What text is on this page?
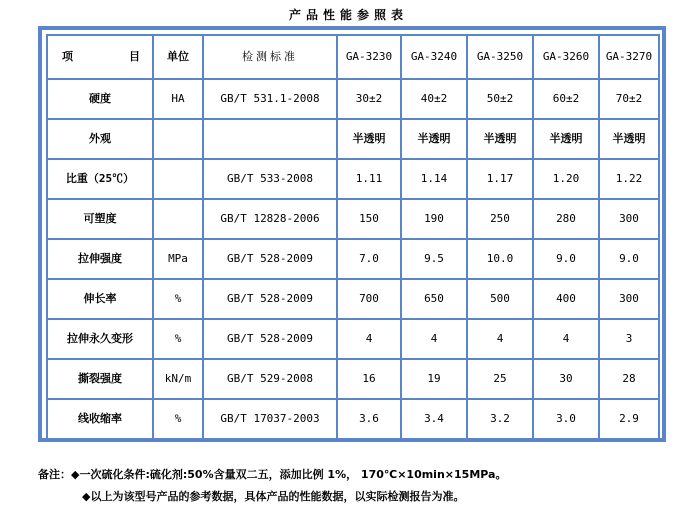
产品性能参照表
项 目	单位	检测标准	GA-3230	GA-3240	GA-3250	GA-3260	GA-3270
硬度	HA	GB/T 531.1-2008	30±2	40±2	50±2	60±2	70±2
外观			半透明	半透明	半透明	半透明	半透明
比重（25℃）		GB/T 533-2008	1.11	1.14	1.17	1.20	1.22
可塑度		GB/T 12828-2006	150	190	250	280	300
拉伸强度	MPa	GB/T 528-2009	7.0	9.5	10.0	9.0	9.0
伸长率	%	GB/T 528-2009	700	650	500	400	300
拉伸永久变形	%	GB/T 528-2009	4	4	4	4	3
撕裂强度	kN/m	GB/T 529-2008	16	19	25	30	28
线收缩率	%	GB/T 17037-2003	3.6	3.4	3.2	3.0	2.9
备注：◆一次硫化条件:硫化剂:50%含量双二五，添加比例 1%， 170℃×10min×15MPa。
◆以上为该型号产品的参考数据，具体产品的性能数据，以实际检测报告为准。
